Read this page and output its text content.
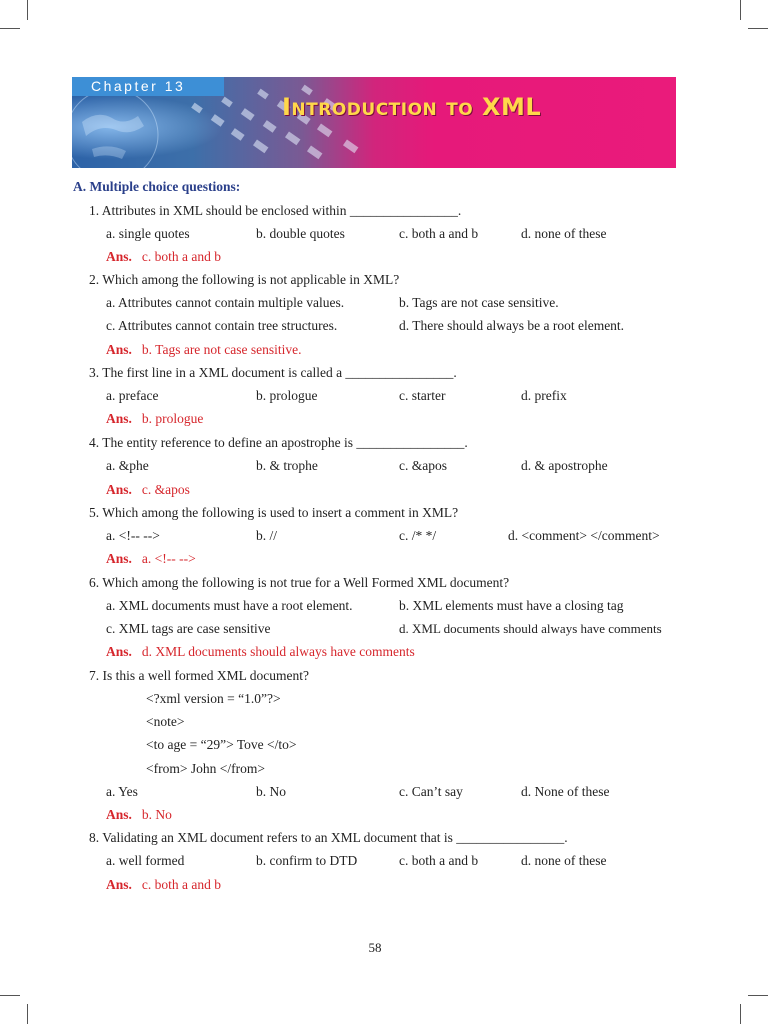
Chapter 13
Introduction to XML
A. Multiple choice questions:
1. Attributes in XML should be enclosed within ________________.
a. single quotes	b. double quotes	c. both a and b	d. none of these
Ans. c. both a and b
2. Which among the following is not applicable in XML?
a. Attributes cannot contain multiple values.	b. Tags are not case sensitive.
c. Attributes cannot contain tree structures.	d. There should always be a root element.
Ans. b. Tags are not case sensitive.
3. The first line in a XML document is called a ________________.
a. preface	b. prologue	c. starter	d. prefix
Ans. b. prologue
4. The entity reference to define an apostrophe is ________________.
a. &phe	b. & trophe	c. &apos	d. & apostrophe
Ans. c. &apos
5. Which among the following is used to insert a comment in XML?
a. <!-- -->	b. //	c. /* */	d. <comment> </comment>
Ans. a. <!-- -->
6. Which among the following is not true for a Well Formed XML document?
a. XML documents must have a root element.	b. XML elements must have a closing tag
c. XML tags are case sensitive	d. XML documents should always have comments
Ans. d. XML documents should always have comments
7. Is this a well formed XML document?
<?xml version = “1.0”?>
<note>
<to age = “29”> Tove </to>
<from> John </from>
a. Yes	b. No	c. Can’t say	d. None of these
Ans. b. No
8. Validating an XML document refers to an XML document that is ________________.
a. well formed	b. confirm to DTD	c. both a and b	d. none of these
Ans. c. both a and b
58
